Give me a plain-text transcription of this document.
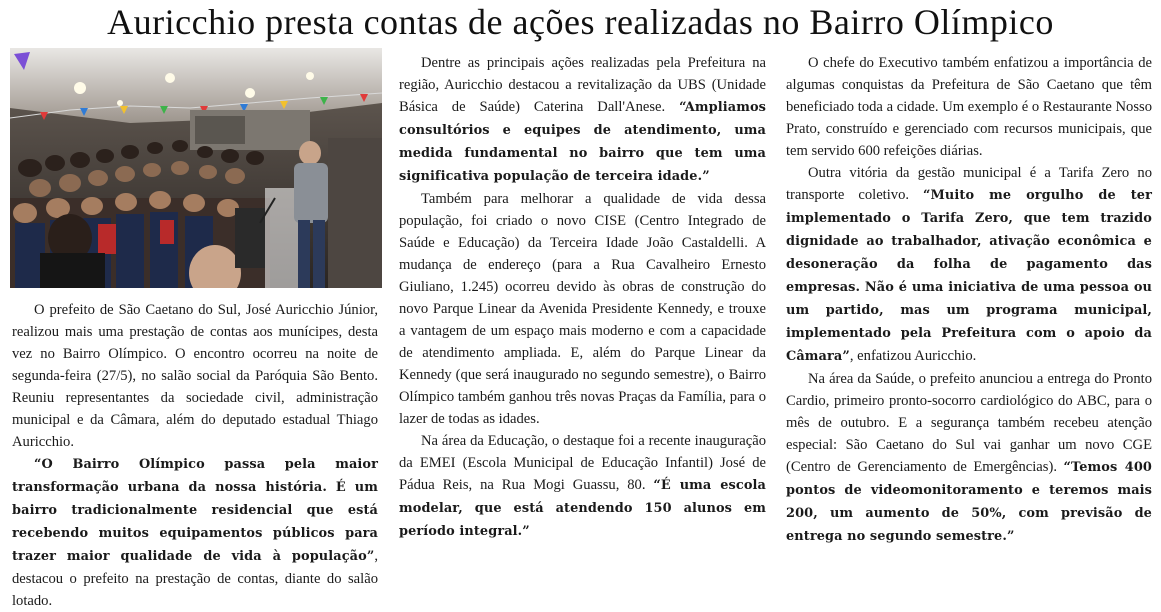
Auricchio presta contas de ações realizadas no Bairro Olímpico

O prefeito de São Caetano do Sul, José Auricchio Júnior, realizou mais uma prestação de contas aos munícipes, desta vez no Bairro Olímpico. O encontro ocorreu na noite de segunda-feira (27/5), no salão social da Paróquia São Bento. Reuniu representantes da sociedade civil, administração municipal e da Câmara, além do deputado estadual Thiago Auricchio.

“O Bairro Olímpico passa pela maior transformação urbana da nossa história. É um bairro tradicionalmente residencial que está recebendo muitos equipamentos públicos para trazer maior qualidade de vida à população”, destacou o prefeito na prestação de contas, diante do salão lotado.

Dentre as principais ações realizadas pela Prefeitura na região, Auricchio destacou a revitalização da UBS (Unidade Básica de Saúde) Caterina Dall'Anese. “Ampliamos consultórios e equipes de atendimento, uma medida fundamental no bairro que tem uma significativa população de terceira idade.”

Também para melhorar a qualidade de vida dessa população, foi criado o novo CISE (Centro Integrado de Saúde e Educação) da Terceira Idade João Castaldelli. A mudança de endereço (para a Rua Cavalheiro Ernesto Giuliano, 1.245) ocorreu devido às obras de construção do novo Parque Linear da Avenida Presidente Kennedy, e trouxe a vantagem de um espaço mais moderno e com a capacidade de atendimento ampliada. E, além do Parque Linear da Kennedy (que será inaugurado no segundo semestre), o Bairro Olímpico também ganhou três novas Praças da Família, para o lazer de todas as idades.

Na área da Educação, o destaque foi a recente inauguração da EMEI (Escola Municipal de Educação Infantil) José de Pádua Reis, na Rua Mogi Guassu, 80. “É uma escola modelar, que está atendendo 150 alunos em período integral.”

O chefe do Executivo também enfatizou a importância de algumas conquistas da Prefeitura de São Caetano que têm beneficiado toda a cidade. Um exemplo é o Restaurante Nosso Prato, construído e gerenciado com recursos municipais, que tem servido 600 refeições diárias.

Outra vitória da gestão municipal é a Tarifa Zero no transporte coletivo. “Muito me orgulho de ter implementado o Tarifa Zero, que tem trazido dignidade ao trabalhador, ativação econômica e desoneração da folha de pagamento das empresas. Não é uma iniciativa de uma pessoa ou um partido, mas um programa municipal, implementado pela Prefeitura com o apoio da Câmara”, enfatizou Auricchio.

Na área da Saúde, o prefeito anunciou a entrega do Pronto Cardio, primeiro pronto-socorro cardiológico do ABC, para o mês de outubro. E a segurança também recebeu atenção especial: São Caetano do Sul vai ganhar um novo CGE (Centro de Gerenciamento de Emergências). “Temos 400 pontos de videomonitoramento e teremos mais 200, um aumento de 50%, com previsão de entrega no segundo semestre.”
